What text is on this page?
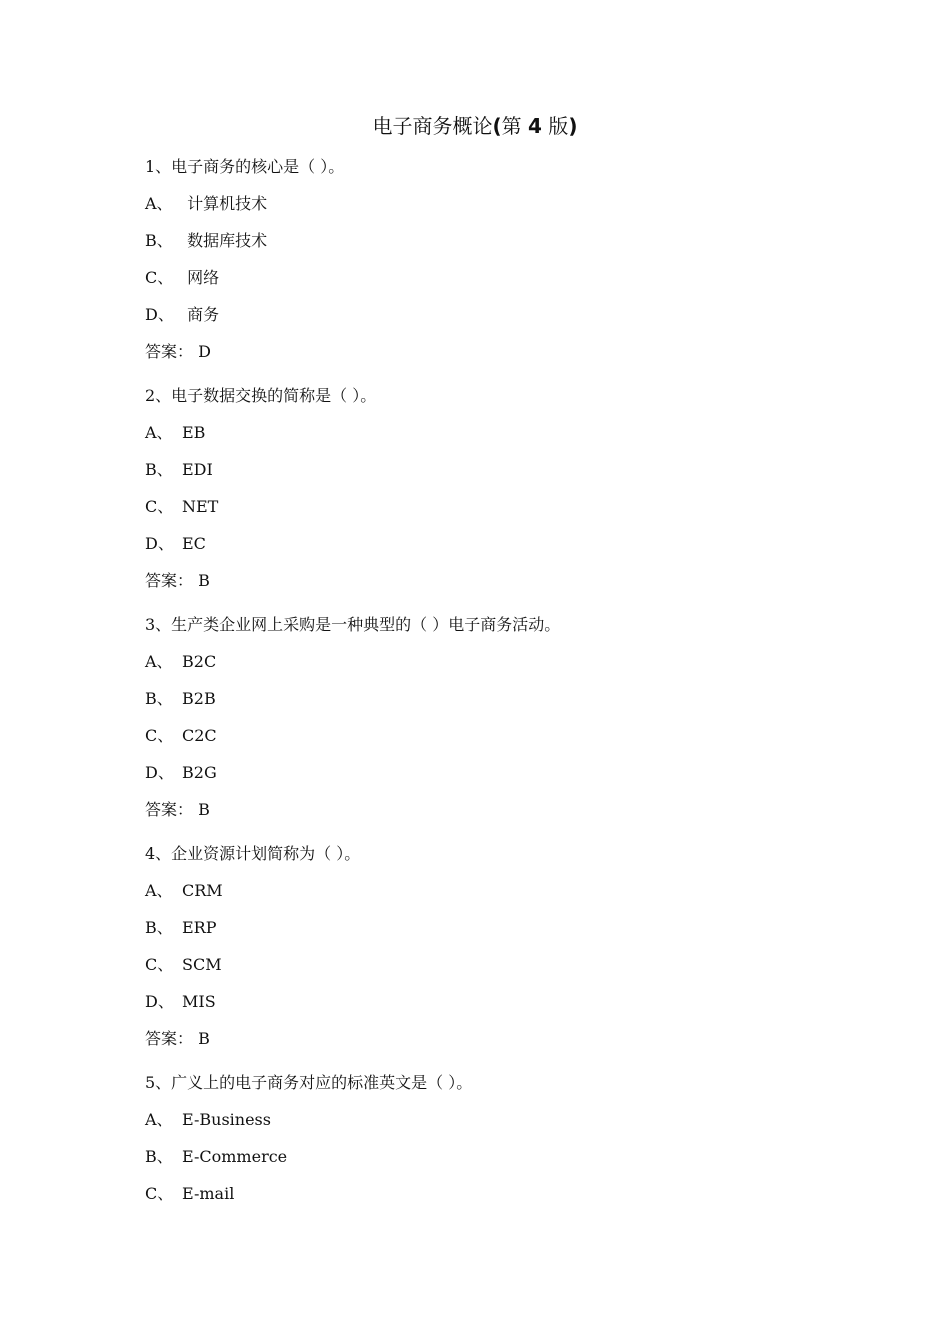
电子商务概论(第 4 版)
1、电子商务的核心是（ ）。
A、 计算机技术
B、 数据库技术
C、 网络
D、 商务
答案： D
2、电子数据交换的简称是（ ）。
A、 EB
B、 EDI
C、 NET
D、 EC
答案： B
3、生产类企业网上采购是一种典型的（ ）电子商务活动。
A、 B2C
B、 B2B
C、 C2C
D、 B2G
答案： B
4、企业资源计划简称为（ ）。
A、 CRM
B、 ERP
C、 SCM
D、 MIS
答案： B
5、广义上的电子商务对应的标准英文是（ ）。
A、 E-Business
B、 E-Commerce
C、 E-mail
